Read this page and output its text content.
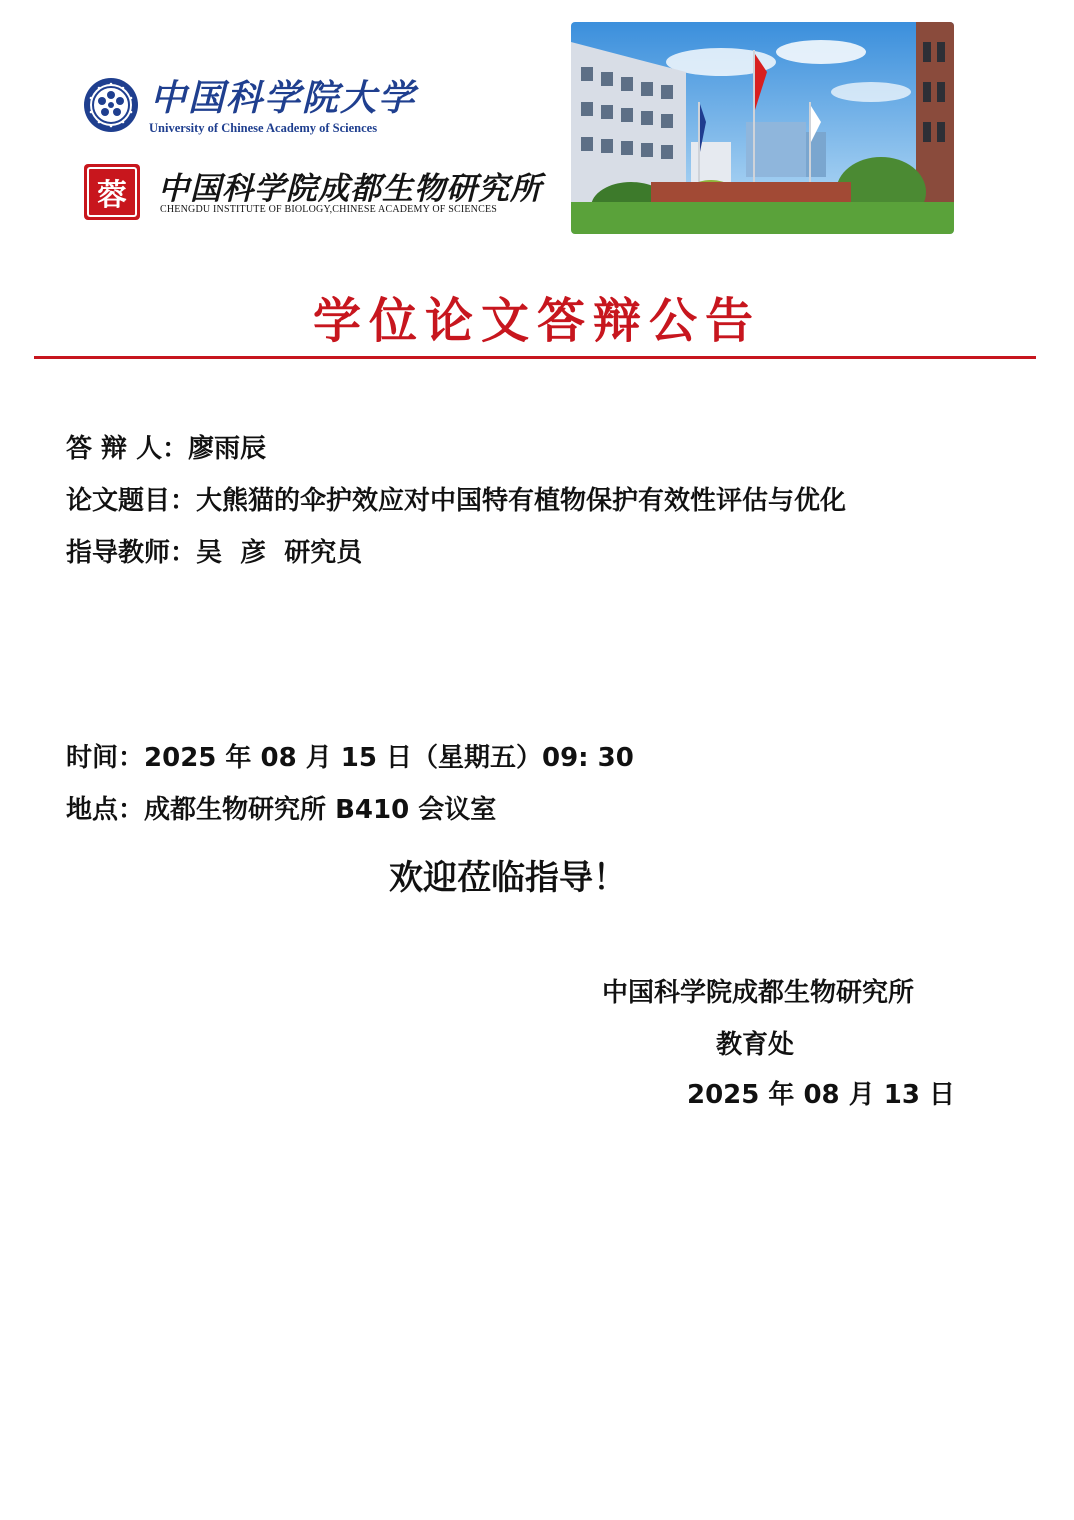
中国科学院大学
University of Chinese Academy of Sciences
蓉	中国科学院成都生物研究所
CHENGDU INSTITUTE OF BIOLOGY,CHINESE ACADEMY OF SCIENCES
学位论文答辩公告
答 辩 人：廖雨辰
论文题目：大熊猫的伞护效应对中国特有植物保护有效性评估与优化
指导教师：吴  彦  研究员
时间：2025 年 08 月 15 日（星期五）09: 30
地点：成都生物研究所 B410 会议室
欢迎莅临指导！
中国科学院成都生物研究所
教育处
2025 年 08 月 13 日
